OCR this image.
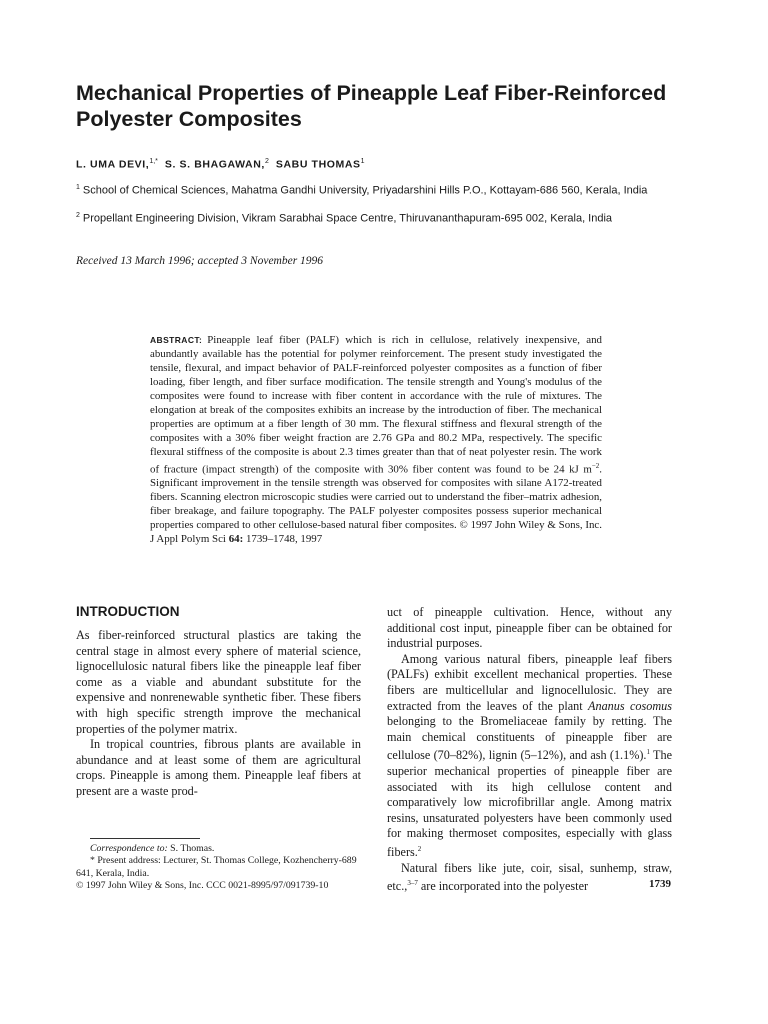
Mechanical Properties of Pineapple Leaf Fiber-Reinforced Polyester Composites
L. UMA DEVI,$^{1,*}$ S. S. BHAGAWAN,$^2$ SABU THOMAS$^1$
$^1$ School of Chemical Sciences, Mahatma Gandhi University, Priyadarshini Hills P.O., Kottayam-686 560, Kerala, India
$^2$ Propellant Engineering Division, Vikram Sarabhai Space Centre, Thiruvananthapuram-695 002, Kerala, India
Received 13 March 1996; accepted 3 November 1996

ABSTRACT: Pineapple leaf fiber (PALF) which is rich in cellulose, relatively inexpensive, and abundantly available has the potential for polymer reinforcement. The present study investigated the tensile, flexural, and impact behavior of PALF-reinforced polyester composites as a function of fiber loading, fiber length, and fiber surface modification. The tensile strength and Young's modulus of the composites were found to increase with fiber content in accordance with the rule of mixtures. The elongation at break of the composites exhibits an increase by the introduction of fiber. The mechanical properties are optimum at a fiber length of 30 mm. The flexural stiffness and flexural strength of the composites with a 30% fiber weight fraction are 2.76 GPa and 80.2 MPa, respectively. The specific flexural stiffness of the composite is about 2.3 times greater than that of neat polyester resin. The work of fracture (impact strength) of the composite with 30% fiber content was found to be 24 kJ m$^{-2}$. Significant improvement in the tensile strength was observed for composites with silane A172-treated fibers. Scanning electron microscopic studies were carried out to understand the fiber–matrix adhesion, fiber breakage, and failure topography. The PALF polyester composites possess superior mechanical properties compared to other cellulose-based natural fiber composites. © 1997 John Wiley & Sons, Inc. J Appl Polym Sci 64: 1739–1748, 1997

INTRODUCTION

As fiber-reinforced structural plastics are taking the central stage in almost every sphere of material science, lignocellulosic natural fibers like the pineapple leaf fiber come as a viable and abundant substitute for the expensive and nonrenewable synthetic fiber. These fibers with high specific strength improve the mechanical properties of the polymer matrix.

In tropical countries, fibrous plants are available in abundance and at least some of them are agricultural crops. Pineapple is among them. Pineapple leaf fibers at present are a waste prod-

uct of pineapple cultivation. Hence, without any additional cost input, pineapple fiber can be obtained for industrial purposes.

Among various natural fibers, pineapple leaf fibers (PALFs) exhibit excellent mechanical properties. These fibers are multicellular and lignocellulosic. They are extracted from the leaves of the plant Ananus cosomus belonging to the Bromeliaceae family by retting. The main chemical constituents of pineapple fiber are cellulose (70–82%), lignin (5–12%), and ash (1.1%).$^1$ The superior mechanical properties of pineapple fiber are associated with its high cellulose content and comparatively low microfibrillar angle. Among matrix resins, unsaturated polyesters have been commonly used for making thermoset composites, especially with glass fibers.$^2$

Natural fibers like jute, coir, sisal, sunhemp, straw, etc.,$^{3-7}$ are incorporated into the polyester

Correspondence to: S. Thomas.
* Present address: Lecturer, St. Thomas College, Kozhencherry-689 641, Kerala, India.
© 1997 John Wiley & Sons, Inc. CCC 0021-8995/97/091739-10	1739
